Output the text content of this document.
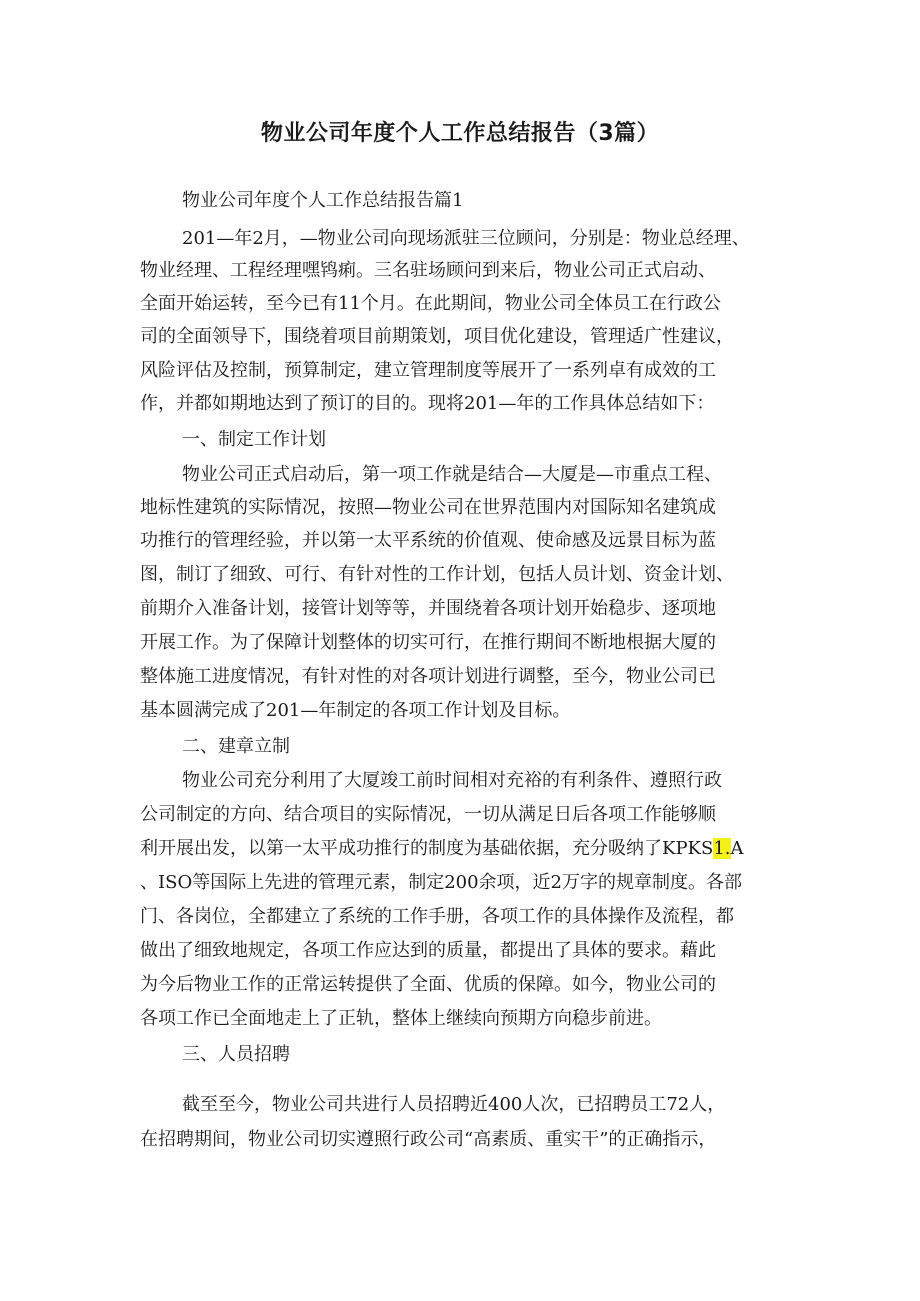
物业公司年度个人工作总结报告（3篇）
物业公司年度个人工作总结报告篇1
201—年2月，—物业公司向现场派驻三位顾问，分别是：物业总经理、
物业经理、工程经理嘿鸨痢。三名驻场顾问到来后，物业公司正式启动、
全面开始运转，至今已有11个月。在此期间，物业公司全体员工在行政公
司的全面领导下，围绕着项目前期策划，项目优化建设，管理适广性建议，
风险评估及控制，预算制定，建立管理制度等展开了一系列卓有成效的工
作，并都如期地达到了预订的目的。现将201—年的工作具体总结如下：
一、制定工作计划
物业公司正式启动后，第一项工作就是结合—大厦是—市重点工程、
地标性建筑的实际情况，按照—物业公司在世界范围内对国际知名建筑成
功推行的管理经验，并以第一太平系统的价值观、使命感及远景目标为蓝
图，制订了细致、可行、有针对性的工作计划，包括人员计划、资金计划、
前期介入准备计划，接管计划等等，并围绕着各项计划开始稳步、逐项地
开展工作。为了保障计划整体的切实可行，在推行期间不断地根据大厦的
整体施工进度情况，有针对性的对各项计划进行调整，至今，物业公司已
基本圆满完成了201—年制定的各项工作计划及目标。
二、建章立制
物业公司充分利用了大厦竣工前时间相对充裕的有利条件、遵照行政
公司制定的方向、结合项目的实际情况，一切从满足日后各项工作能够顺
利开展出发，以第一太平成功推行的制度为基础依据，充分吸纳了KPKS1.A
、ISO等国际上先进的管理元素，制定200余项，近2万字的规章制度。各部
门、各岗位，全都建立了系统的工作手册，各项工作的具体操作及流程，都
做出了细致地规定，各项工作应达到的质量，都提出了具体的要求。藉此
为今后物业工作的正常运转提供了全面、优质的保障。如今，物业公司的
各项工作已全面地走上了正轨，整体上继续向预期方向稳步前进。
三、人员招聘
截至至今，物业公司共进行人员招聘近400人次，已招聘员工72人，
在招聘期间，物业公司切实遵照行政公司“高素质、重实干”的正确指示，
